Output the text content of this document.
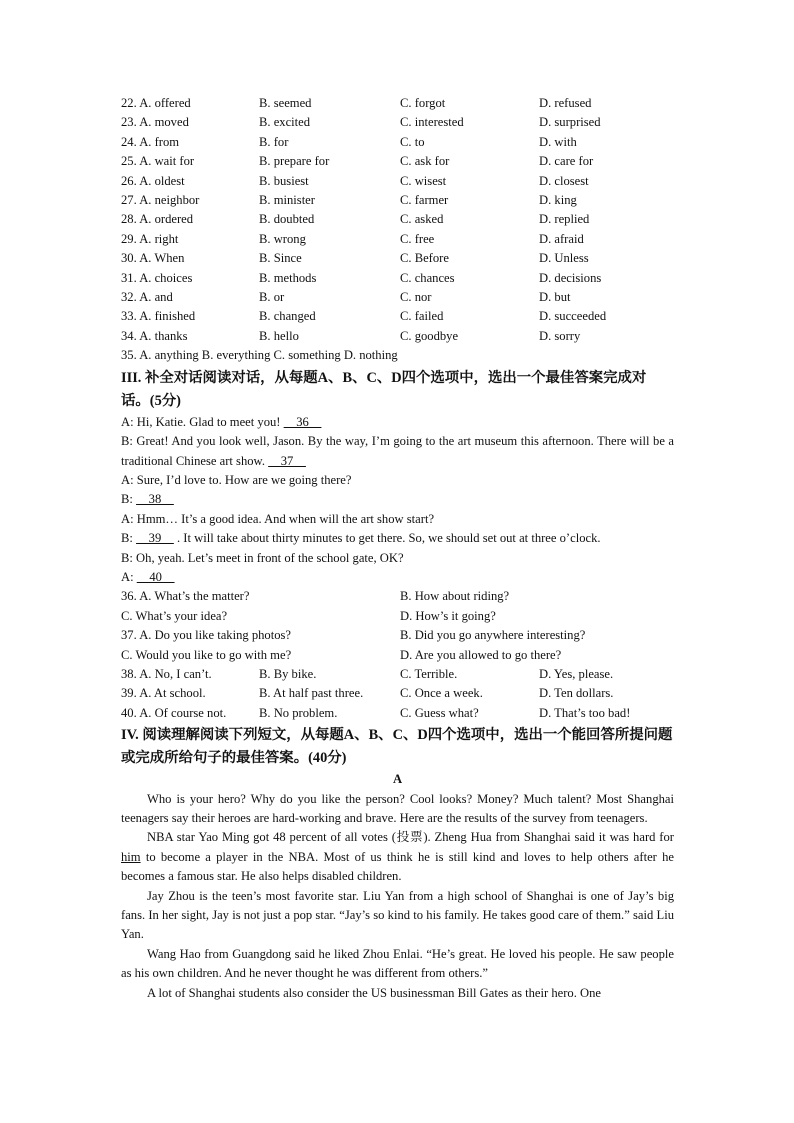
22. A. offered	B. seemed	C. forgot	D. refused
23. A. moved	B. excited	C. interested	D. surprised
24. A. from	B. for	C. to	D. with
25. A. wait for	B. prepare for	C. ask for	D. care for
26. A. oldest	B. busiest	C. wisest	D. closest
27. A. neighbor	B. minister	C. farmer	D. king
28. A. ordered	B. doubted	C. asked	D. replied
29. A. right	B. wrong	C. free	D. afraid
30. A. When	B. Since	C. Before	D. Unless
31. A. choices	B. methods	C. chances	D. decisions
32. A. and	B. or	C. nor	D. but
33. A. finished	B. changed	C. failed	D. succeeded
34. A. thanks	B. hello	C. goodbye	D. sorry
35. A. anything B. everything C. something D. nothing
III. 补全对话阅读对话，从每题A、B、C、D四个选项中，选出一个最佳答案完成对话。(5分)
A: Hi, Katie. Glad to meet you!     36
B: Great! And you look well, Jason. By the way, I’m going to the art museum this afternoon. There will be a traditional Chinese art show.     37
A: Sure, I’d love to. How are we going there?
B:     38
A: Hmm… It’s a good idea. And when will the art show start?
B:     39     . It will take about thirty minutes to get there. So, we should set out at three o’clock.
B: Oh, yeah. Let’s meet in front of the school gate, OK?
A:     40
36. A. What’s the matter?	B. How about riding?
C. What’s your idea?	D. How’s it going?
37. A. Do you like taking photos?	B. Did you go anywhere interesting?
C. Would you like to go with me?	D. Are you allowed to go there?
38. A. No, I can’t.	B. By bike.	C. Terrible.	D. Yes, please.
39. A. At school.	B. At half past three.	C. Once a week.	D. Ten dollars.
40. A. Of course not.	B. No problem.	C. Guess what?	D. That’s too bad!
IV. 阅读理解阅读下列短文，从每题A、B、C、D四个选项中，选出一个能回答所提问题或完成所给句子的最佳答案。(40分)
A
Who is your hero? Why do you like the person? Cool looks? Money? Much talent? Most Shanghai teenagers say their heroes are hard-working and brave. Here are the results of the survey from teenagers.
NBA star Yao Ming got 48 percent of all votes (投票). Zheng Hua from Shanghai said it was hard for him to become a player in the NBA. Most of us think he is still kind and loves to help others after he becomes a famous star. He also helps disabled children.
Jay Zhou is the teen’s most favorite star. Liu Yan from a high school of Shanghai is one of Jay’s big fans. In her sight, Jay is not just a pop star. “Jay’s so kind to his family. He takes good care of them.” said Liu Yan.
Wang Hao from Guangdong said he liked Zhou Enlai. “He’s great. He loved his people. He saw people as his own children. And he never thought he was different from others.”
A lot of Shanghai students also consider the US businessman Bill Gates as their hero. One
